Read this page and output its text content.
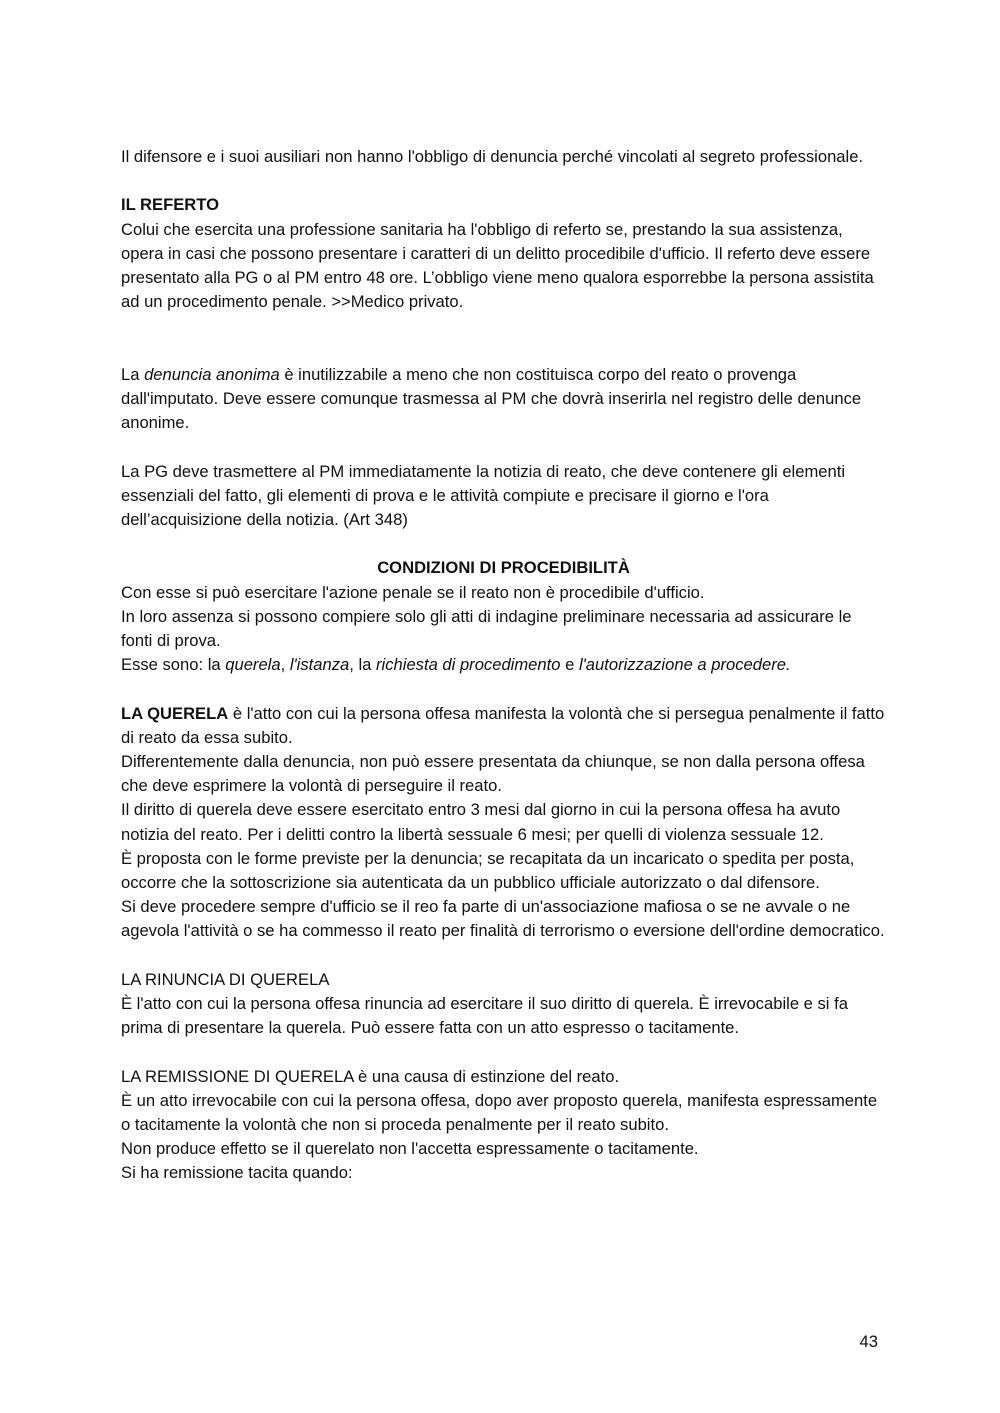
Il difensore e i suoi ausiliari non hanno l'obbligo di denuncia perché vincolati al segreto professionale.

IL REFERTO

Colui che esercita una professione sanitaria ha l'obbligo di referto se, prestando la sua assistenza, opera in casi che possono presentare i caratteri di un delitto procedibile d'ufficio. Il referto deve essere presentato alla PG o al PM entro 48 ore. L’obbligo viene meno qualora esporrebbe la persona assistita ad un procedimento penale. >>Medico privato.

La denuncia anonima è inutilizzabile a meno che non costituisca corpo del reato o provenga dall'imputato. Deve essere comunque trasmessa al PM che dovrà inserirla nel registro delle denunce anonime.

La PG deve trasmettere al PM immediatamente la notizia di reato, che deve contenere gli elementi essenziali del fatto, gli elementi di prova e le attività compiute e precisare il giorno e l'ora dell’acquisizione della notizia. (Art 348)

CONDIZIONI DI PROCEDIBILITÀ

Con esse si può esercitare l'azione penale se il reato non è procedibile d'ufficio.

In loro assenza si possono compiere solo gli atti di indagine preliminare necessaria ad assicurare le fonti di prova.

Esse sono: la querela, l'istanza, la richiesta di procedimento e l'autorizzazione a procedere.

LA QUERELA è l'atto con cui la persona offesa manifesta la volontà che si persegua penalmente il fatto di reato da essa subito.

Differentemente dalla denuncia, non può essere presentata da chiunque, se non dalla persona offesa che deve esprimere la volontà di perseguire il reato.

Il diritto di querela deve essere esercitato entro 3 mesi dal giorno in cui la persona offesa ha avuto notizia del reato. Per i delitti contro la libertà sessuale 6 mesi; per quelli di violenza sessuale 12.

È proposta con le forme previste per la denuncia; se recapitata da un incaricato o spedita per posta, occorre che la sottoscrizione sia autenticata da un pubblico ufficiale autorizzato o dal difensore.

Si deve procedere sempre d'ufficio se il reo fa parte di un'associazione mafiosa o se ne avvale o ne agevola l'attività o se ha commesso il reato per finalità di terrorismo o eversione dell'ordine democratico.

LA RINUNCIA DI QUERELA

È l'atto con cui la persona offesa rinuncia ad esercitare il suo diritto di querela. È irrevocabile e si fa prima di presentare la querela. Può essere fatta con un atto espresso o tacitamente.

LA REMISSIONE DI QUERELA è una causa di estinzione del reato.

È un atto irrevocabile con cui la persona offesa, dopo aver proposto querela, manifesta espressamente o tacitamente la volontà che non si proceda penalmente per il reato subito.

Non produce effetto se il querelato non l'accetta espressamente o tacitamente.

Si ha remissione tacita quando:

43
